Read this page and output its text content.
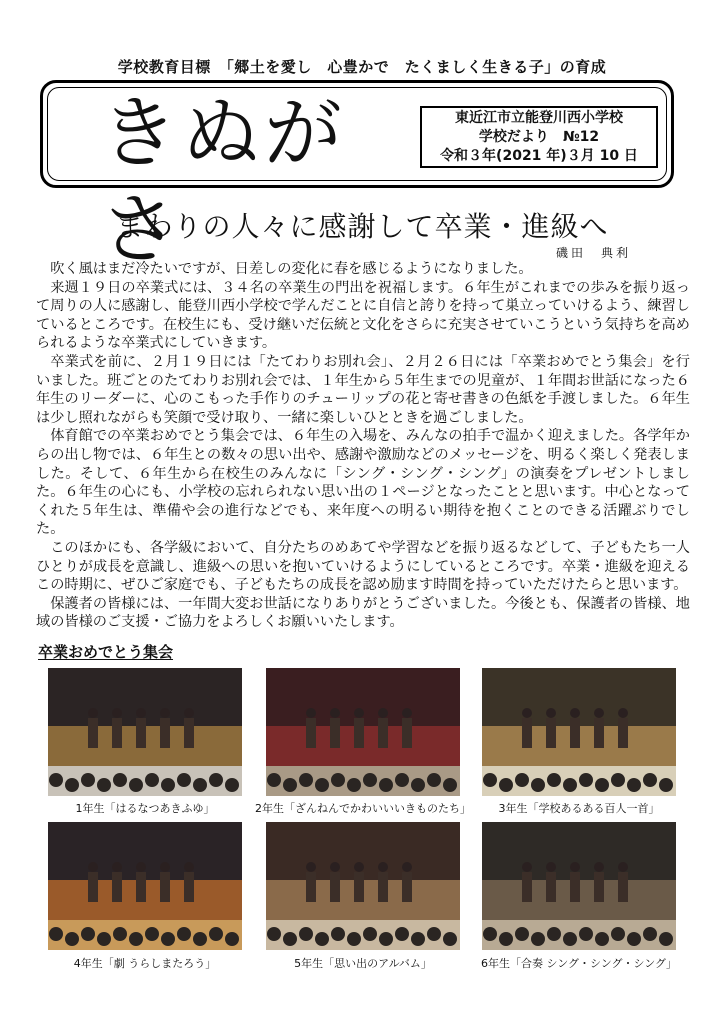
学校教育目標　「郷土を愛し　心豊かで　たくましく生きる子」の育成
きぬがさ
東近江市立能登川西小学校
学校だより　№12
令和３年(2021 年)３月 10 日
まわりの人々に感謝して卒業・進級へ
磯田　典利

吹く風はまだ冷たいですが、日差しの変化に春を感じるようになりました。

来週１９日の卒業式には、３４名の卒業生の門出を祝福します。６年生がこれまでの歩みを振り返って周りの人に感謝し、能登川西小学校で学んだことに自信と誇りを持って巣立っていけるよう、練習しているところです。在校生にも、受け継いだ伝統と文化をさらに充実させていこうという気持ちを高められるような卒業式にしていきます。

卒業式を前に、２月１９日には「たてわりお別れ会」、２月２６日には「卒業おめでとう集会」を行いました。班ごとのたてわりお別れ会では、１年生から５年生までの児童が、１年間お世話になった６年生のリーダーに、心のこもった手作りのチューリップの花と寄せ書きの色紙を手渡しました。６年生は少し照れながらも笑顔で受け取り、一緒に楽しいひとときを過ごしました。

体育館での卒業おめでとう集会では、６年生の入場を、みんなの拍手で温かく迎えました。各学年からの出し物では、６年生との数々の思い出や、感謝や激励などのメッセージを、明るく楽しく発表しました。そして、６年生から在校生のみんなに「シング・シング・シング」の演奏をプレゼントしました。６年生の心にも、小学校の忘れられない思い出の１ページとなったことと思います。中心となってくれた５年生は、準備や会の進行などでも、来年度への明るい期待を抱くことのできる活躍ぶりでした。

このほかにも、各学級において、自分たちのめあてや学習などを振り返るなどして、子どもたち一人ひとりが成長を意識し、進級への思いを抱いていけるようにしているところです。卒業・進級を迎えるこの時期に、ぜひご家庭でも、子どもたちの成長を認め励ます時間を持っていただけたらと思います。

保護者の皆様には、一年間大変お世話になりありがとうございました。今後とも、保護者の皆様、地域の皆様のご支援・ご協力をよろしくお願いいたします。

卒業おめでとう集会
1年生「はるなつあきふゆ」	2年生「ざんねんでかわいいいきものたち」	3年生「学校あるある百人一首」
4年生「劇 うらしまたろう」	5年生「思い出のアルバム」	6年生「合奏 シング・シング・シング」
